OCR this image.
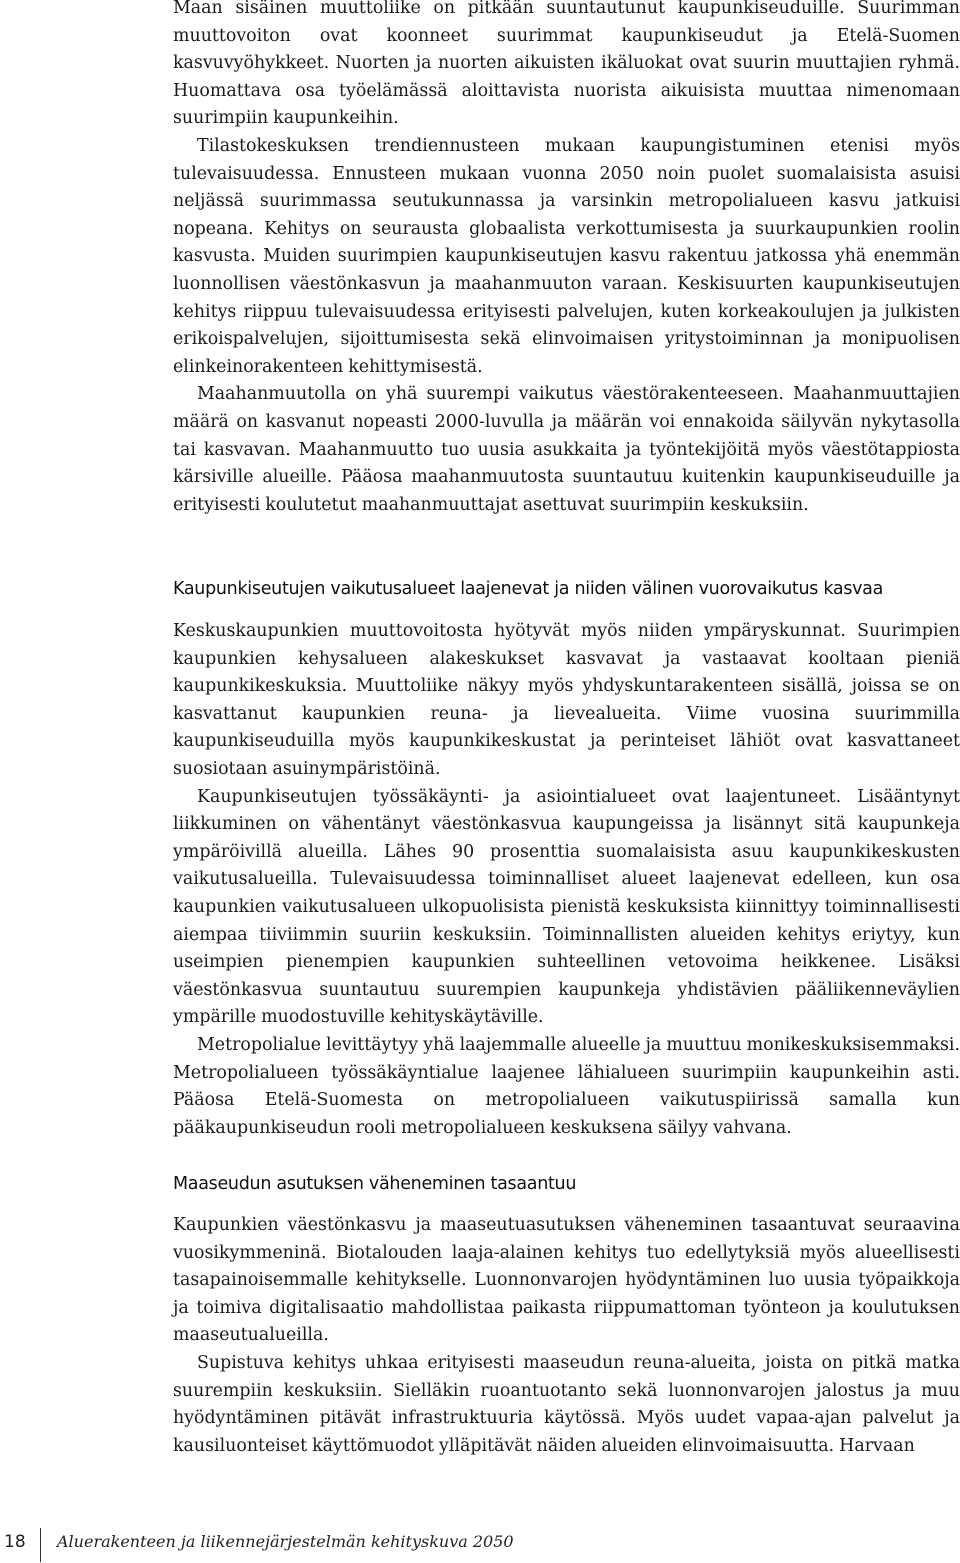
Maan sisäinen muuttoliike on pitkään suuntautunut kaupunkiseuduille. Suurimman muuttovoiton ovat koonneet suurimmat kaupunkiseudut ja Etelä-Suomen kasvuvyöhykkeet. Nuorten ja nuorten aikuisten ikäluokat ovat suurin muuttajien ryhmä. Huomattava osa työelämässä aloittavista nuorista aikuisista muuttaa nimenomaan suurimpiin kaupunkeihin.

Tilastokeskuksen trendiennusteen mukaan kaupungistuminen etenisi myös tulevaisuudessa. Ennusteen mukaan vuonna 2050 noin puolet suomalaisista asuisi neljässä suurimmassa seutukunnassa ja varsinkin metropolialueen kasvu jatkuisi nopeana. Kehitys on seurausta globaalista verkottumisesta ja suurkaupunkien roolin kasvusta. Muiden suurimpien kaupunkiseutujen kasvu rakentuu jatkossa yhä enemmän luonnollisen väestönkasvun ja maahanmuuton varaan. Keskisuurten kaupunkiseutujen kehitys riippuu tulevaisuudessa erityisesti palvelujen, kuten korkeakoulujen ja julkisten erikoispalvelujen, sijoittumisesta sekä elinvoimaisen yritystoiminnan ja monipuolisen elinkeinorakenteen kehittymisestä.

Maahanmuutolla on yhä suurempi vaikutus väestörakenteeseen. Maahanmuuttajien määrä on kasvanut nopeasti 2000-luvulla ja määrän voi ennakoida säilyvän nykytasolla tai kasvavan. Maahanmuutto tuo uusia asukkaita ja työntekijöitä myös väestötappiosta kärsiville alueille. Pääosa maahanmuutosta suuntautuu kuitenkin kaupunkiseuduille ja erityisesti koulutetut maahanmuuttajat asettuvat suurimpiin keskuksiin.

Kaupunkiseutujen vaikutusalueet laajenevat ja niiden välinen vuorovaikutus kasvaa

Keskuskaupunkien muuttovoitosta hyötyvät myös niiden ympäryskunnat. Suurimpien kaupunkien kehysalueen alakeskukset kasvavat ja vastaavat kooltaan pieniä kaupunkikeskuksia. Muuttoliike näkyy myös yhdyskuntarakenteen sisällä, joissa se on kasvattanut kaupunkien reuna- ja lievealueita. Viime vuosina suurimmilla kaupunkiseuduilla myös kaupunkikeskustat ja perinteiset lähiöt ovat kasvattaneet suosiotaan asuinympäristöinä.

Kaupunkiseutujen työssäkäynti- ja asiointialueet ovat laajentuneet. Lisääntynyt liikkuminen on vähentänyt väestönkasvua kaupungeissa ja lisännyt sitä kaupunkeja ympäröivillä alueilla. Lähes 90 prosenttia suomalaisista asuu kaupunkikeskusten vaikutusalueilla. Tulevaisuudessa toiminnalliset alueet laajenevat edelleen, kun osa kaupunkien vaikutusalueen ulkopuolisista pienistä keskuksista kiinnittyy toiminnallisesti aiempaa tiiviimmin suuriin keskuksiin. Toiminnallisten alueiden kehitys eriytyy, kun useimpien pienempien kaupunkien suhteellinen vetovoima heikkenee. Lisäksi väestönkasvua suuntautuu suurempien kaupunkeja yhdistävien pääliikenneväylien ympärille muodostuville kehityskäytäville.

Metropolialue levittäytyy yhä laajemmalle alueelle ja muuttuu monikeskuksisemmaksi. Metropolialueen työssäkäyntialue laajenee lähialueen suurimpiin kaupunkeihin asti. Pääosa Etelä-Suomesta on metropolialueen vaikutuspiirissä samalla kun pääkaupunkiseudun rooli metropolialueen keskuksena säilyy vahvana.

Maaseudun asutuksen väheneminen tasaantuu

Kaupunkien väestönkasvu ja maaseutuasutuksen väheneminen tasaantuvat seuraavina vuosikymmeninä. Biotalouden laaja-alainen kehitys tuo edellytyksiä myös alueellisesti tasapainoisemmalle kehitykselle. Luonnonvarojen hyödyntäminen luo uusia työpaikkoja ja toimiva digitalisaatio mahdollistaa paikasta riippumattoman työnteon ja koulutuksen maaseutualueilla.

Supistuva kehitys uhkaa erityisesti maaseudun reuna-alueita, joista on pitkä matka suurempiin keskuksiin. Sielläkin ruoantuotanto sekä luonnonvarojen jalostus ja muu hyödyntäminen pitävät infrastruktuuria käytössä. Myös uudet vapaa-ajan palvelut ja kausiluonteiset käyttömuodot ylläpitävät näiden alueiden elinvoimaisuutta. Harvaan

18 Aluerakenteen ja liikennejärjestelmän kehityskuva 2050
